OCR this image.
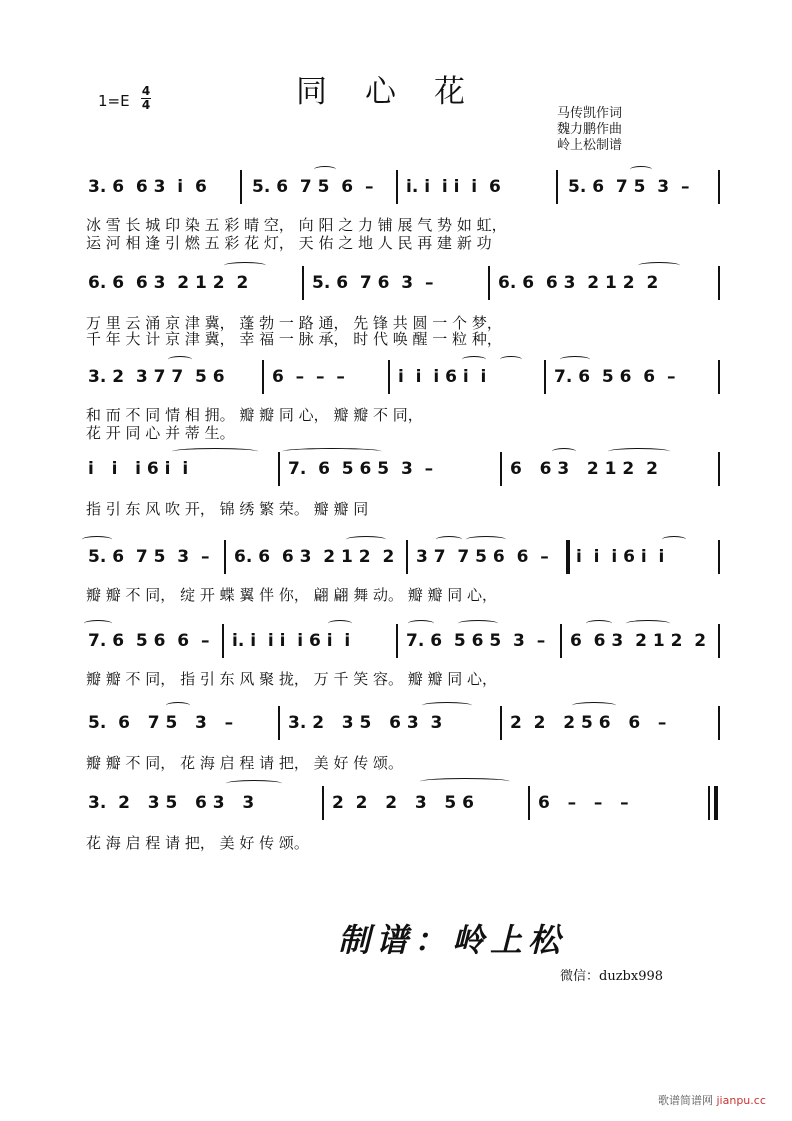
同 心 花
1=E
4
4
马传凯作词
魏力鹏作曲
岭上松制谱
3. 6  6 3  i  6	5. 6  7 5  6  –	i. i  i i  i  6	5. 6  7 5  3  –
冰 雪 长 城 印 染 五 彩 晴 空， 向 阳 之 力 铺 展 气 势 如 虹，
运 河 相 逢 引 燃 五 彩 花 灯， 天 佑 之 地 人 民 再 建 新 功
6. 6  6 3  2 1 2  2	5. 6  7 6  3  –	6. 6  6 3  2 1 2  2
万 里 云 涌 京 津 冀， 蓬 勃 一 路 通， 先 锋 共 圆 一 个 梦，
千 年 大 计 京 津 冀， 幸 福 一 脉 承， 时 代 唤 醒 一 粒 种，
3. 2  3 7 7  5 6	6  –  –  –	i  i  i 6 i  i	7. 6  5 6  6  –
和 而 不 同 情 相 拥。 瓣 瓣 同 心， 瓣 瓣 不 同，
花 开 同 心 并 蒂 生。
i   i   i 6 i  i	7.  6  5 6 5  3  –	6   6 3   2 1 2  2
指 引 东 风 吹 开， 锦 绣 繁 荣。 瓣 瓣 同
5. 6  7 5  3  –	6. 6  6 3  2 1 2  2	3 7  7 5 6  6  –	i  i  i 6 i  i
瓣 瓣 不 同， 绽 开 蝶 翼 伴 你， 翩 翩 舞 动。 瓣 瓣 同 心，
7. 6  5 6  6  –	i. i  i i  i 6 i  i	7. 6  5 6 5  3  –	6  6 3  2 1 2  2
瓣 瓣 不 同， 指 引 东 风 聚 拢， 万 千 笑 容。 瓣 瓣 同 心，
5.  6   7 5   3   –	3. 2   3 5   6 3  3	2  2   2 5 6   6   –
瓣 瓣 不 同， 花 海 启 程 请 把， 美 好 传 颂。
3.  2   3 5   6 3   3	2  2   2   3   5 6	6   –   –   –
花 海 启 程 请 把， 美 好 传 颂。
制谱：岭上松
微信：duzbx998
歌谱简谱网 jianpu.cc
